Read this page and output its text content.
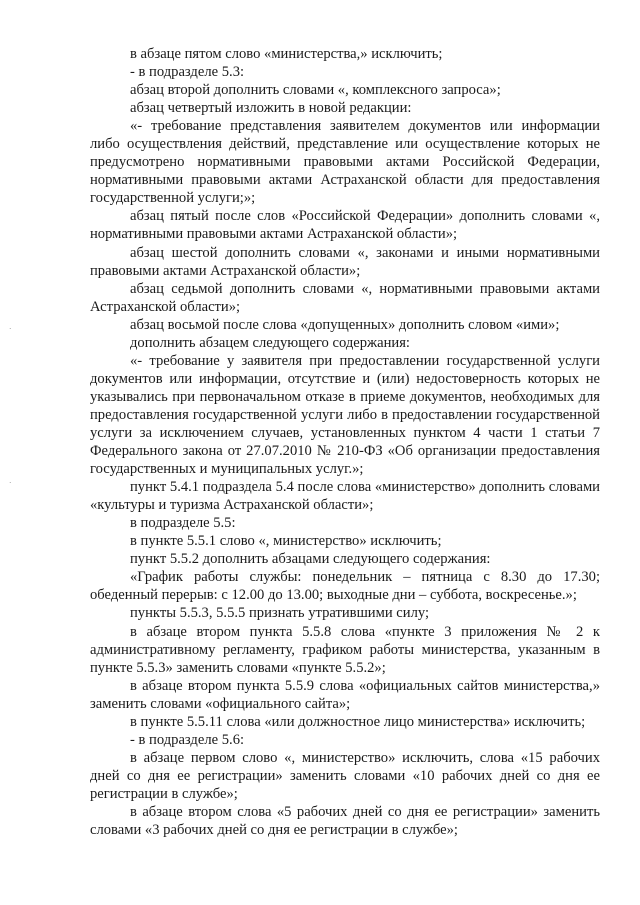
˙
˙

в абзаце пятом слово «министерства,» исключить;

- в подразделе 5.3:

абзац второй дополнить словами «, комплексного запроса»;

абзац четвертый изложить в новой редакции:

«- требование представления заявителем документов или информации либо осуществления действий, представление или осуществление которых не предусмотрено нормативными правовыми актами Российской Федерации, нормативными правовыми актами Астраханской области для предоставления государственной услуги;»;

абзац пятый после слов «Российской Федерации» дополнить словами «, нормативными правовыми актами Астраханской области»;

абзац шестой дополнить словами «, законами и иными нормативными правовыми актами Астраханской области»;

абзац седьмой дополнить словами «, нормативными правовыми актами Астраханской области»;

абзац восьмой после слова «допущенных» дополнить словом «ими»;

дополнить абзацем следующего содержания:

«- требование у заявителя при предоставлении государственной услуги документов или информации, отсутствие и (или) недостоверность которых не указывались при первоначальном отказе в приеме документов, необходимых для предоставления государственной услуги либо в предоставлении государственной услуги за исключением случаев, установленных пунктом 4 части 1 статьи 7 Федерального закона от 27.07.2010 № 210-ФЗ «Об организации предоставления государственных и муниципальных услуг.»;

пункт 5.4.1 подраздела 5.4 после слова «министерство» дополнить словами «культуры и туризма Астраханской области»;

в подразделе 5.5:

в пункте 5.5.1 слово «, министерство» исключить;

пункт 5.5.2 дополнить абзацами следующего содержания:

«График работы службы: понедельник – пятница с 8.30 до 17.30; обеденный перерыв: с 12.00 до 13.00; выходные дни – суббота, воскресенье.»;

пункты 5.5.3, 5.5.5 признать утратившими силу;

в абзаце втором пункта 5.5.8 слова «пункте 3 приложения № 2 к административному регламенту, графиком работы министерства, указанным в пункте 5.5.3» заменить словами «пункте 5.5.2»;

в абзаце втором пункта 5.5.9 слова «официальных сайтов министерства,» заменить словами «официального сайта»;

в пункте 5.5.11 слова «или должностное лицо министерства» исключить;

- в подразделе 5.6:

в абзаце первом слово «, министерство» исключить, слова «15 рабочих дней со дня ее регистрации» заменить словами «10 рабочих дней со дня ее регистрации в службе»;

в абзаце втором слова «5 рабочих дней со дня ее регистрации» заменить словами «3 рабочих дней со дня ее регистрации в службе»;
